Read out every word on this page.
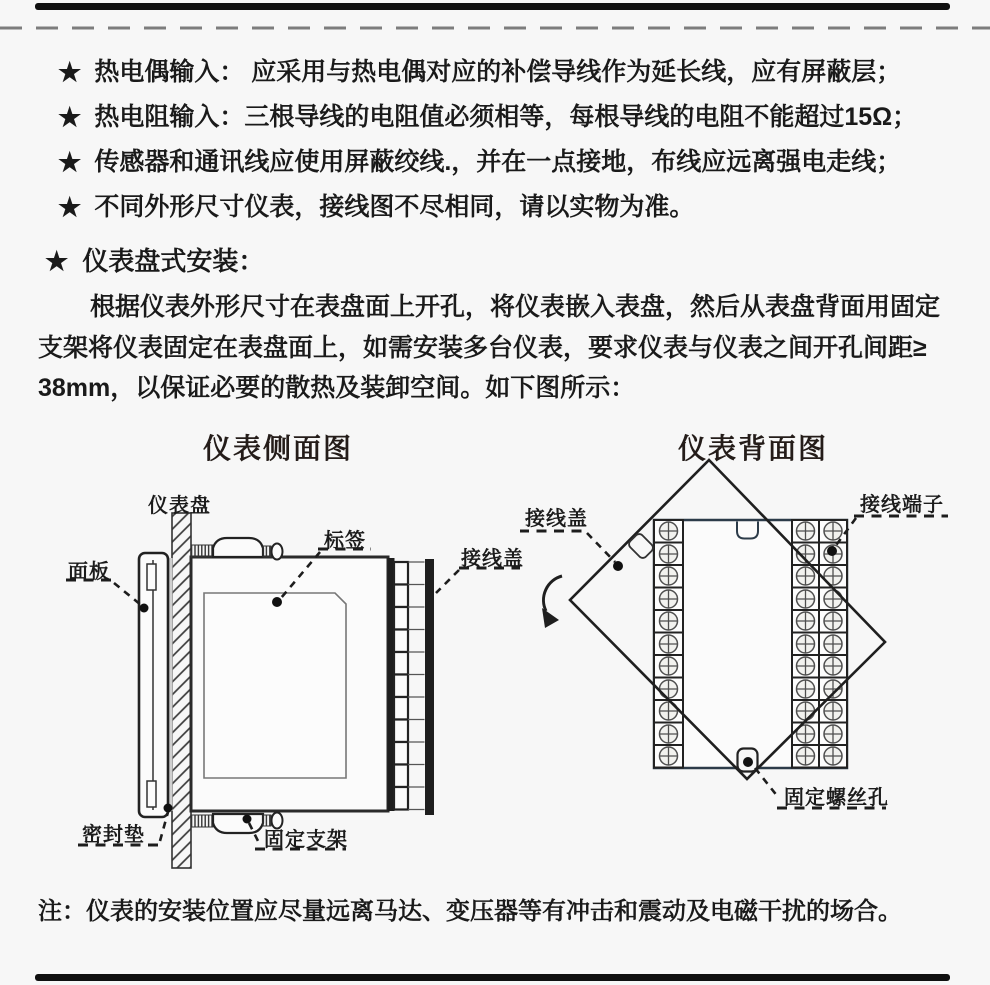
★ 热电偶输入： 应采用与热电偶对应的补偿导线作为延长线，应有屏蔽层；
★ 热电阻输入：三根导线的电阻值必须相等，每根导线的电阻不能超过15Ω；
★ 传感器和通讯线应使用屏蔽绞线.，并在一点接地，布线应远离强电走线；
★ 不同外形尺寸仪表，接线图不尽相同，请以实物为准。
★ 仪表盘式安装：
根据仪表外形尺寸在表盘面上开孔，将仪表嵌入表盘，然后从表盘背面用固定
支架将仪表固定在表盘面上，如需安装多台仪表，要求仪表与仪表之间开孔间距≥
38mm，以保证必要的散热及装卸空间。如下图所示：
仪表侧面图	仪表背面图
仪表盘
面板
标签
接线盖
密封垫	固定支架
接线盖
接线端子
固定螺丝孔
注：仪表的安装位置应尽量远离马达、变压器等有冲击和震动及电磁干扰的场合。
